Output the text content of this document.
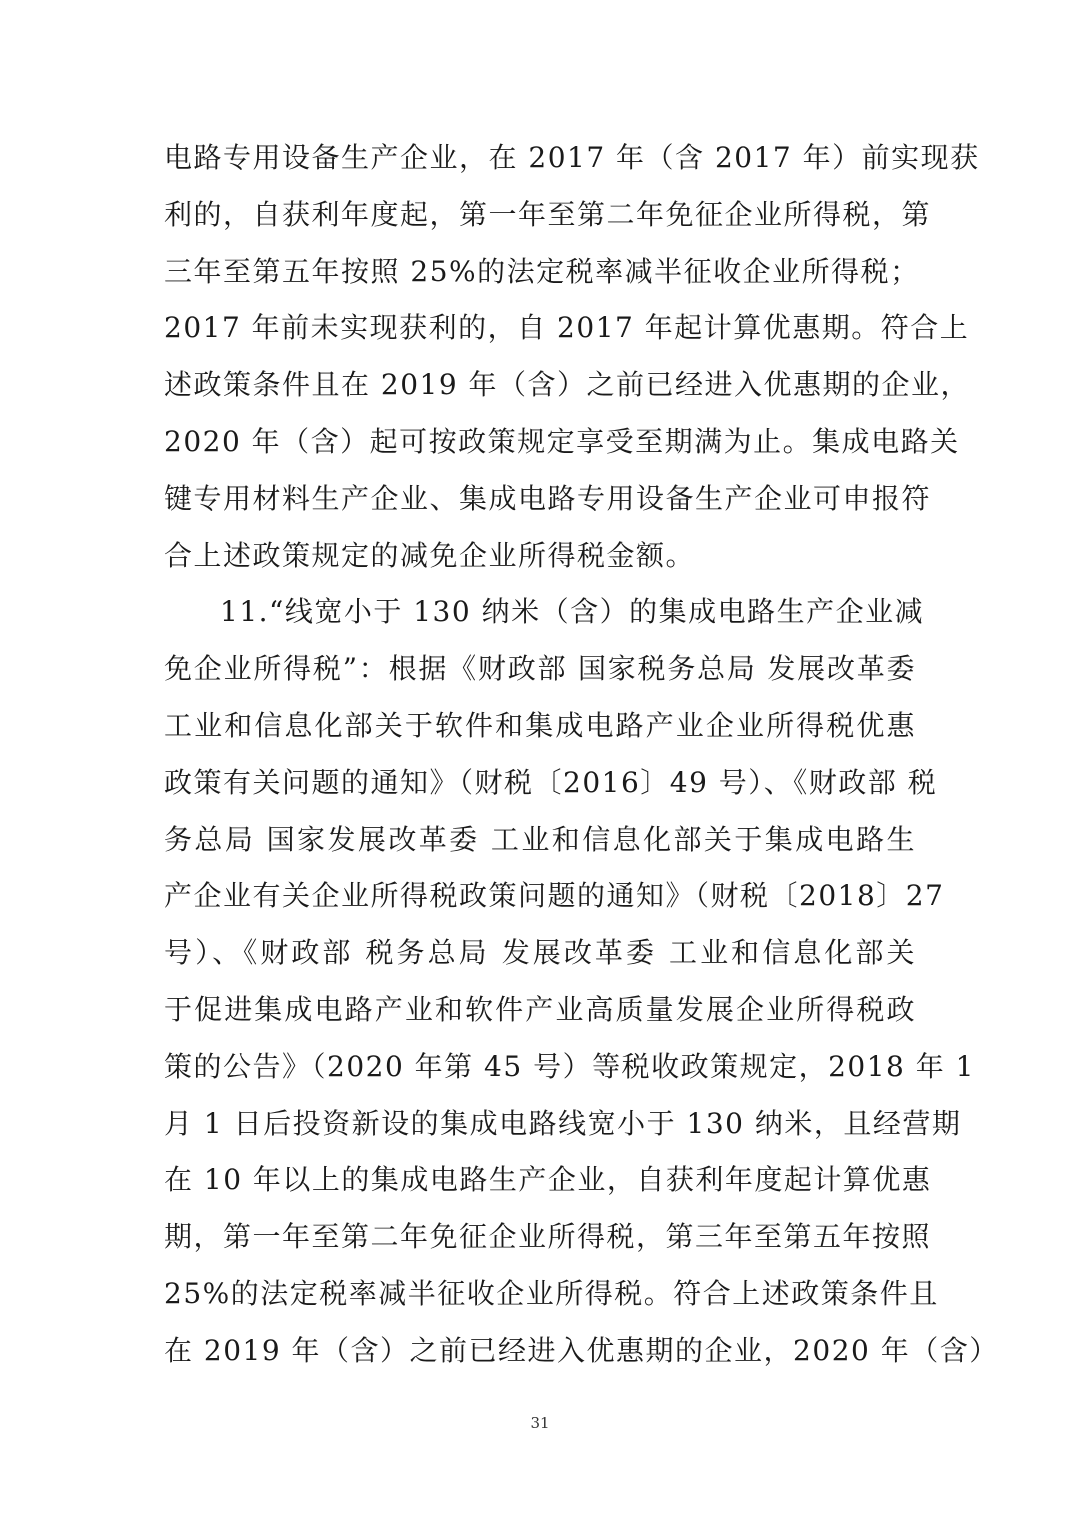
电路专用设备生产企业，在 2017 年（含 2017 年）前实现获
利的，自获利年度起，第一年至第二年免征企业所得税，第
三年至第五年按照 25%的法定税率减半征收企业所得税；
2017 年前未实现获利的，自 2017 年起计算优惠期。符合上
述政策条件且在 2019 年（含）之前已经进入优惠期的企业，
2020 年（含）起可按政策规定享受至期满为止。集成电路关
键专用材料生产企业、集成电路专用设备生产企业可申报符
合上述政策规定的减免企业所得税金额。
11.“线宽小于 130 纳米（含）的集成电路生产企业减
免企业所得税”：根据《财政部 国家税务总局 发展改革委
工业和信息化部关于软件和集成电路产业企业所得税优惠
政策有关问题的通知》（财税〔2016〕49 号）、《财政部 税
务总局 国家发展改革委 工业和信息化部关于集成电路生
产企业有关企业所得税政策问题的通知》（财税〔2018〕27
号）、《财政部 税务总局 发展改革委 工业和信息化部关
于促进集成电路产业和软件产业高质量发展企业所得税政
策的公告》（2020 年第 45 号）等税收政策规定，2018 年 1
月 1 日后投资新设的集成电路线宽小于 130 纳米，且经营期
在 10 年以上的集成电路生产企业，自获利年度起计算优惠
期，第一年至第二年免征企业所得税，第三年至第五年按照
25%的法定税率减半征收企业所得税。符合上述政策条件且
在 2019 年（含）之前已经进入优惠期的企业，2020 年（含）
31
